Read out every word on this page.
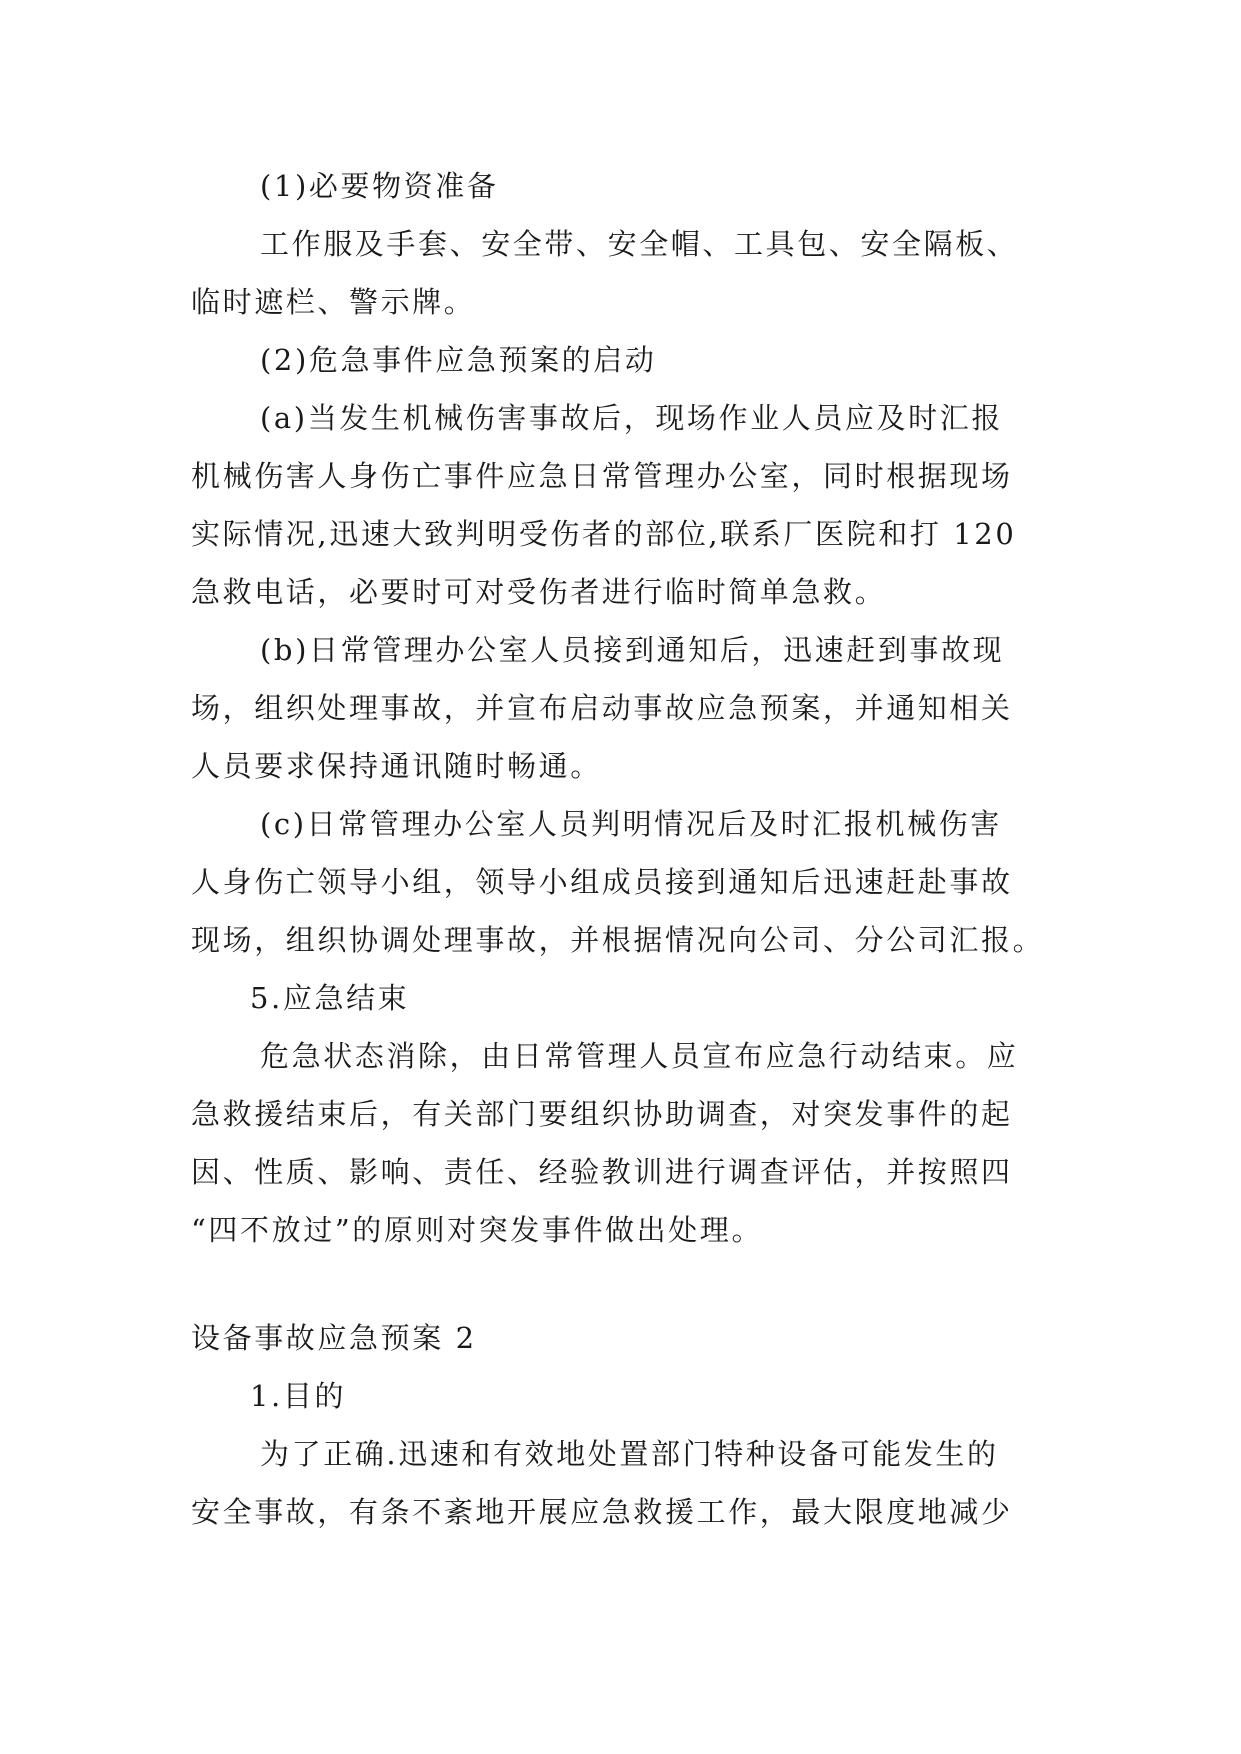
(1)必要物资准备
工作服及手套、安全带、安全帽、工具包、安全隔板、
临时遮栏、警示牌。
(2)危急事件应急预案的启动
(a)当发生机械伤害事故后，现场作业人员应及时汇报
机械伤害人身伤亡事件应急日常管理办公室，同时根据现场
实际情况,迅速大致判明受伤者的部位,联系厂医院和打 120
急救电话，必要时可对受伤者进行临时简单急救。
(b)日常管理办公室人员接到通知后，迅速赶到事故现
场，组织处理事故，并宣布启动事故应急预案，并通知相关
人员要求保持通讯随时畅通。
(c)日常管理办公室人员判明情况后及时汇报机械伤害
人身伤亡领导小组，领导小组成员接到通知后迅速赶赴事故
现场，组织协调处理事故，并根据情况向公司、分公司汇报。
5.应急结束
危急状态消除，由日常管理人员宣布应急行动结束。应
急救援结束后，有关部门要组织协助调查，对突发事件的起
因、性质、影响、责任、经验教训进行调查评估，并按照四
“四不放过”的原则对突发事件做出处理。
设备事故应急预案 2
1.目的
为了正确.迅速和有效地处置部门特种设备可能发生的
安全事故，有条不紊地开展应急救援工作，最大限度地减少
